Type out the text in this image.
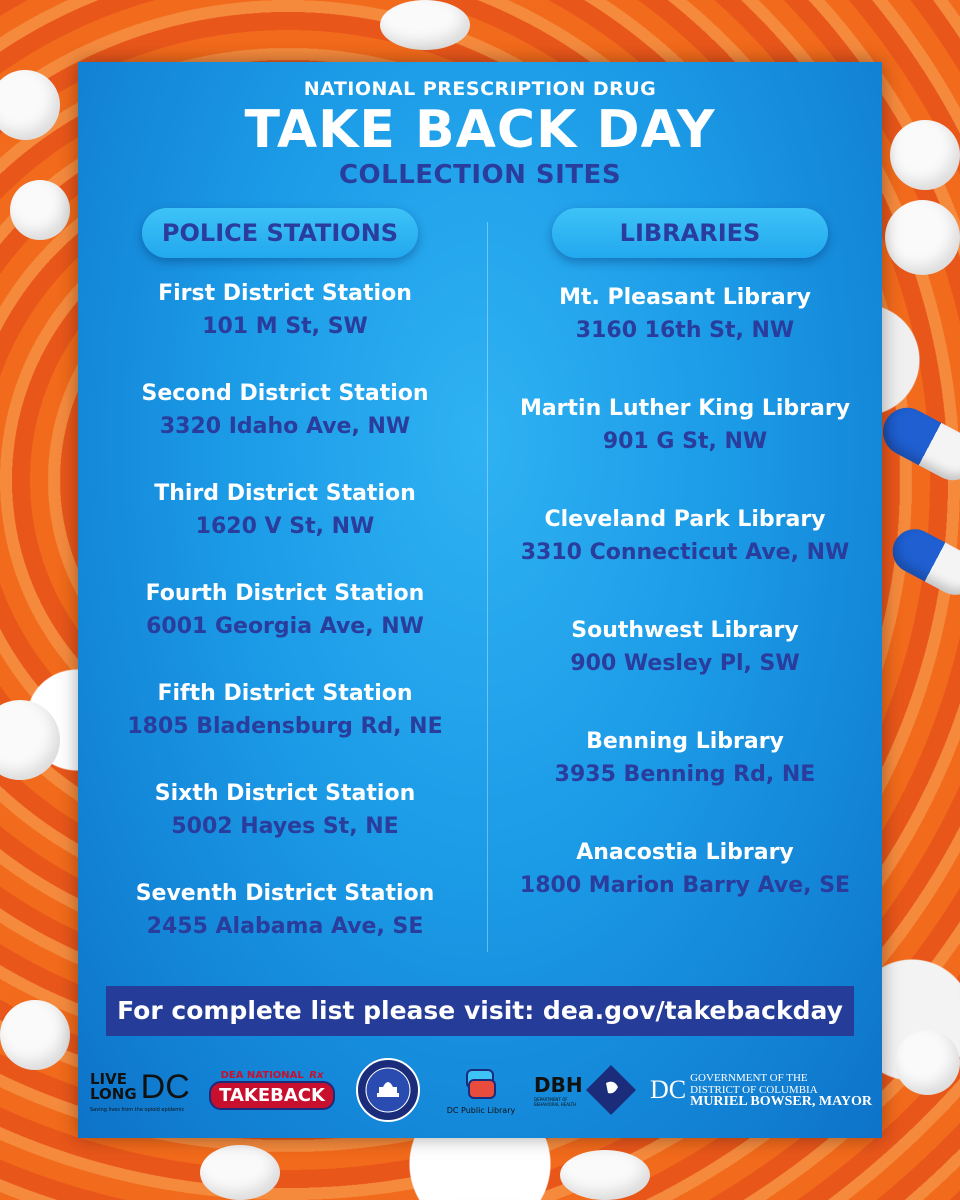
NATIONAL PRESCRIPTION DRUG
TAKE BACK DAY
COLLECTION SITES
POLICE STATIONS	LIBRARIES
First District Station
101 M St, SW
Second District Station
3320 Idaho Ave, NW
Third District Station
1620 V St, NW
Fourth District Station
6001 Georgia Ave, NW
Fifth District Station
1805 Bladensburg Rd, NE
Sixth District Station
5002 Hayes St, NE
Seventh District Station
2455 Alabama Ave, SE
Mt. Pleasant Library
3160 16th St, NW
Martin Luther King Library
901 G St, NW
Cleveland Park Library
3310 Connecticut Ave, NW
Southwest Library
900 Wesley Pl, SW
Benning Library
3935 Benning Rd, NE
Anacostia Library
1800 Marion Barry Ave, SE
For complete list please visit: dea.gov/takebackday
LIVE
LONG DC
Saving lives from the opioid epidemic
DEA NATIONAL Rx
TAKEBACK
DC Public Library
DBH
DEPARTMENT OF BEHAVIORAL HEALTH
DC GOVERNMENT OF THE
DISTRICT OF COLUMBIA
MURIEL BOWSER, MAYOR
